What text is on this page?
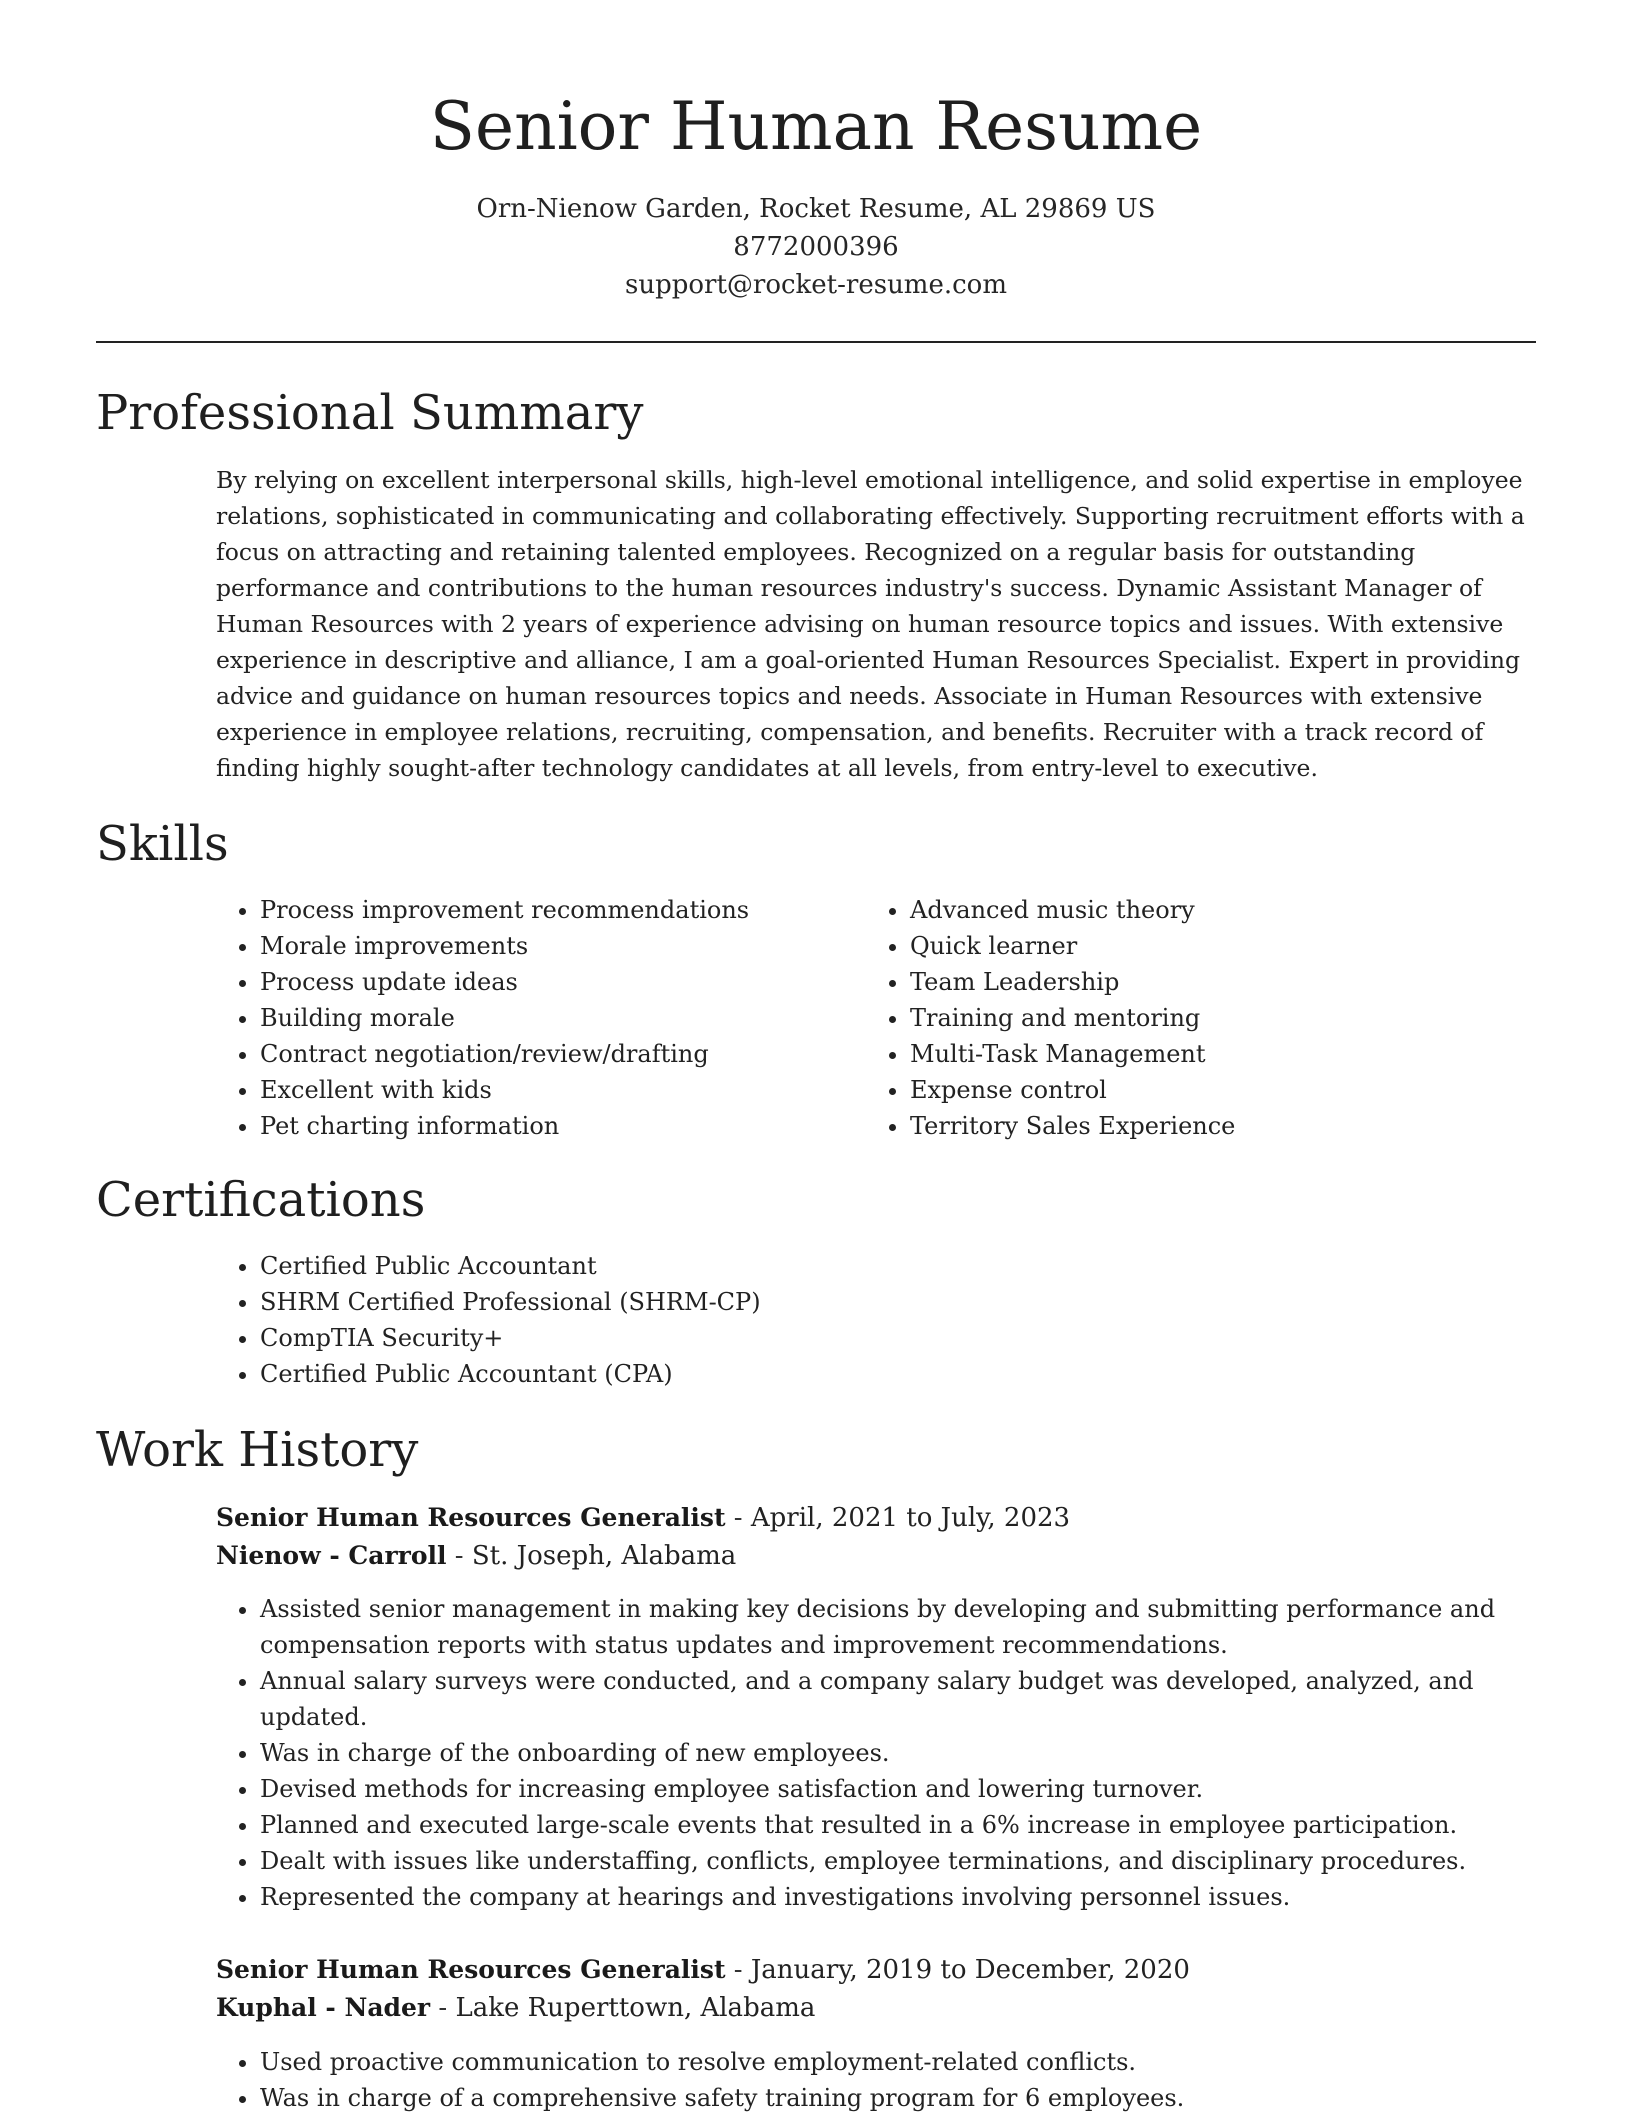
Senior Human Resume
Orn-Nienow Garden, Rocket Resume, AL 29869 US
8772000396
support@rocket-resume.com
Professional Summary

By relying on excellent interpersonal skills, high-level emotional intelligence, and solid expertise in employee relations, sophisticated in communicating and collaborating effectively. Supporting recruitment efforts with a focus on attracting and retaining talented employees. Recognized on a regular basis for outstanding performance and contributions to the human resources industry's success. Dynamic Assistant Manager of Human Resources with 2 years of experience advising on human resource topics and issues. With extensive experience in descriptive and alliance, I am a goal-oriented Human Resources Specialist. Expert in providing advice and guidance on human resources topics and needs. Associate in Human Resources with extensive experience in employee relations, recruiting, compensation, and benefits. Recruiter with a track record of finding highly sought-after technology candidates at all levels, from entry-level to executive.

Skills
• Process improvement recommendations
• Morale improvements
• Process update ideas
• Building morale
• Contract negotiation/review/drafting
• Excellent with kids
• Pet charting information
• Advanced music theory
• Quick learner
• Team Leadership
• Training and mentoring
• Multi-Task Management
• Expense control
• Territory Sales Experience
Certifications
• Certified Public Accountant
• SHRM Certified Professional (SHRM-CP)
• CompTIA Security+
• Certified Public Accountant (CPA)
Work History
Senior Human Resources Generalist - April, 2021 to July, 2023
Nienow - Carroll - St. Joseph, Alabama
• Assisted senior management in making key decisions by developing and submitting performance and compensation reports with status updates and improvement recommendations.
• Annual salary surveys were conducted, and a company salary budget was developed, analyzed, and updated.
• Was in charge of the onboarding of new employees.
• Devised methods for increasing employee satisfaction and lowering turnover.
• Planned and executed large-scale events that resulted in a 6% increase in employee participation.
• Dealt with issues like understaffing, conflicts, employee terminations, and disciplinary procedures.
• Represented the company at hearings and investigations involving personnel issues.
Senior Human Resources Generalist - January, 2019 to December, 2020
Kuphal - Nader - Lake Ruperttown, Alabama
• Used proactive communication to resolve employment-related conflicts.
• Was in charge of a comprehensive safety training program for 6 employees.
